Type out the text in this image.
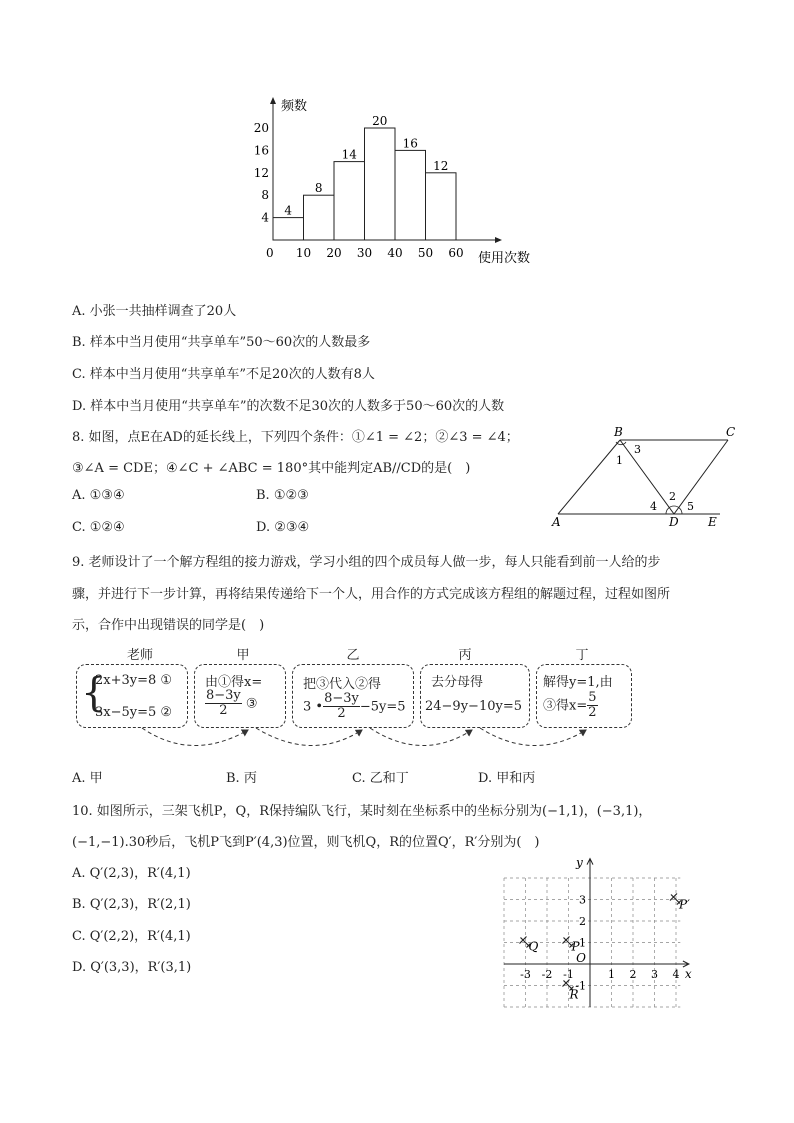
频数
使用次数
0
4
8
14
20
16
12
10 20 30 40 50 60
4
8
12
16
20
A. 小张一共抽样调查了20人
B. 样本中当月使用“共享单车”50～60次的人数最多
C. 样本中当月使用“共享单车”不足20次的人数有8人
D. 样本中当月使用“共享单车”的次数不足30次的人数多于50～60次的人数
8. 如图，点E在AD的延长线上，下列四个条件：①∠1 = ∠2；②∠3 = ∠4；
③∠A = CDE；④∠C + ∠ABC = 180°其中能判定AB//CD的是(　)
A. ①③④	B. ①②③
C. ①②④	D. ②③④
B	C
A	D E
1
3
4
2
5
9. 老师设计了一个解方程组的接力游戏，学习小组的四个成员每人做一步，每人只能看到前一人给的步
骤，并进行下一步计算，再将结果传递给下一个人，用合作的方式完成该方程组的解题过程，过程如图所
示，合作中出现错误的同学是(　)
老师	甲	乙	丙	丁
{
2x+3y=8 ①
3x−5y=5 ②
由①得x=
$\frac{8-3y}{2}$ ③
把③代入②得
3 • $\frac{8-3y}{2} -5y=5$
去分母得
24−9y−10y=5
解得y=1,由
③得$x= \frac{5}{2}$
A. 甲	B. 丙	C. 乙和丁	D. 甲和丙
10. 如图所示，三架飞机P，Q，R保持编队飞行，某时刻在坐标系中的坐标分别为(−1,1)，(−3,1)，
(−1,−1).30秒后，飞机P飞到P′(4,3)位置，则飞机Q，R的位置Q′，R′分别为(　)
A. Q′(2,3)，R′(4,1)
B. Q′(2,3)，R′(2,1)
C. Q′(2,2)，R′(4,1)
D. Q′(3,3)，R′(3,1)	x
y
O
-3 -2 -1	1 2 3 4
3
2
1
-1
P
Q
R
P′
